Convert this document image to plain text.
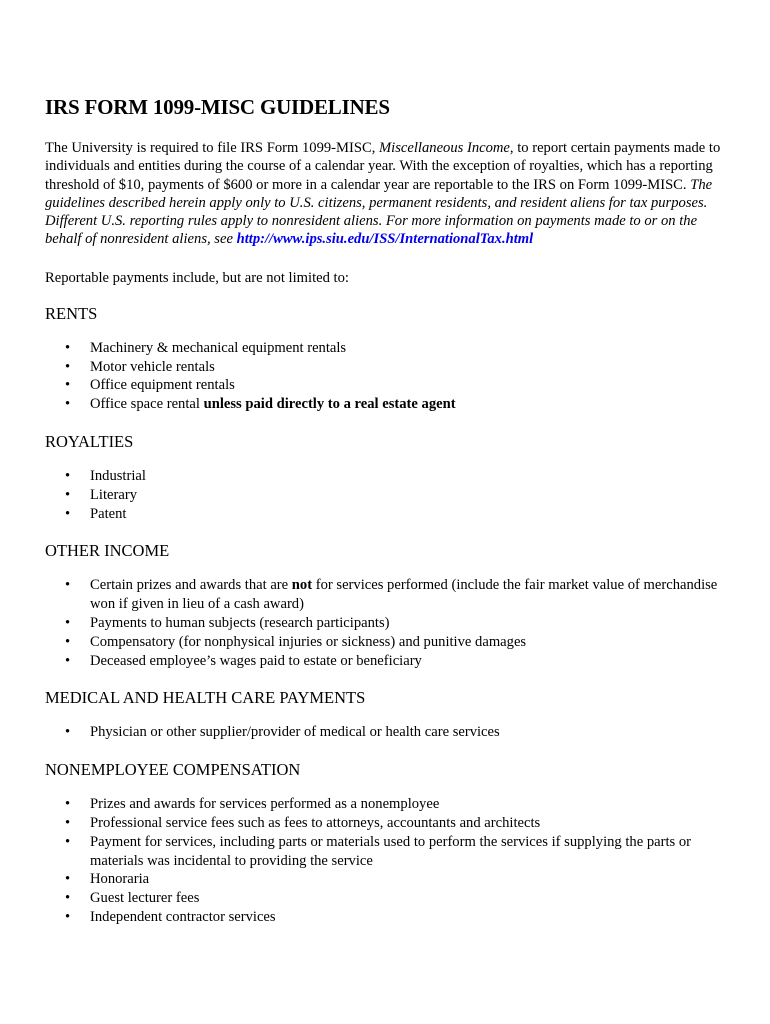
IRS FORM 1099-MISC GUIDELINES

The University is required to file IRS Form 1099-MISC, Miscellaneous Income, to report certain payments made to individuals and entities during the course of a calendar year. With the exception of royalties, which has a reporting threshold of $10, payments of $600 or more in a calendar year are reportable to the IRS on Form 1099-MISC. The guidelines described herein apply only to U.S. citizens, permanent residents, and resident aliens for tax purposes. Different U.S. reporting rules apply to nonresident aliens. For more information on payments made to or on the behalf of nonresident aliens, see http://www.ips.siu.edu/ISS/InternationalTax.html

Reportable payments include, but are not limited to:

RENTS
• Machinery & mechanical equipment rentals
• Motor vehicle rentals
• Office equipment rentals
• Office space rental unless paid directly to a real estate agent
ROYALTIES
• Industrial
• Literary
• Patent
OTHER INCOME
• Certain prizes and awards that are not for services performed (include the fair market value of merchandise won if given in lieu of a cash award)
• Payments to human subjects (research participants)
• Compensatory (for nonphysical injuries or sickness) and punitive damages
• Deceased employee’s wages paid to estate or beneficiary
MEDICAL AND HEALTH CARE PAYMENTS
• Physician or other supplier/provider of medical or health care services
NONEMPLOYEE COMPENSATION
• Prizes and awards for services performed as a nonemployee
• Professional service fees such as fees to attorneys, accountants and architects
• Payment for services, including parts or materials used to perform the services if supplying the parts or materials was incidental to providing the service
• Honoraria
• Guest lecturer fees
• Independent contractor services
